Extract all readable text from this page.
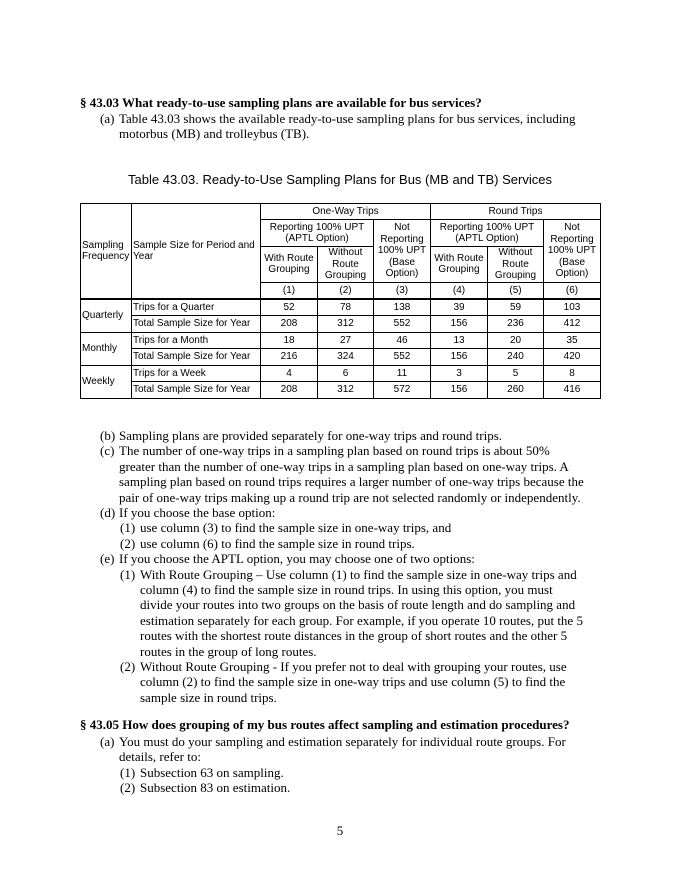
§ 43.03 What ready-to-use sampling plans are available for bus services?
(a) Table 43.03 shows the available ready-to-use sampling plans for bus services, including
motorbus (MB) and trolleybus (TB).
Table 43.03. Ready-to-Use Sampling Plans for Bus (MB and TB) Services
Sampling Frequency	Sample Size for Period and Year	One-Way Trips			Round Trips		
		Reporting 100% UPT (APTL Option)		Not Reporting 100% UPT (Base Option)	Reporting 100% UPT (APTL Option)		Not Reporting 100% UPT (Base Option)
		With Route Grouping	Without Route Grouping		With Route Grouping	Without Route Grouping	
		(1)	(2)	(3)	(4)	(5)	(6)
Quarterly	Trips for a Quarter	52	78	138	39	59	103
	Total Sample Size for Year	208	312	552	156	236	412
Monthly	Trips for a Month	18	27	46	13	20	35
	Total Sample Size for Year	216	324	552	156	240	420
Weekly	Trips for a Week	4	6	11	3	5	8
	Total Sample Size for Year	208	312	572	156	260	416
(b) Sampling plans are provided separately for one-way trips and round trips.
(c) The number of one-way trips in a sampling plan based on round trips is about 50%
greater than the number of one-way trips in a sampling plan based on one-way trips. A
sampling plan based on round trips requires a larger number of one-way trips because the
pair of one-way trips making up a round trip are not selected randomly or independently.
(d) If you choose the base option:
(1) use column (3) to find the sample size in one-way trips, and
(2) use column (6) to find the sample size in round trips.
(e) If you choose the APTL option, you may choose one of two options:
(1) With Route Grouping – Use column (1) to find the sample size in one-way trips and
column (4) to find the sample size in round trips. In using this option, you must
divide your routes into two groups on the basis of route length and do sampling and
estimation separately for each group. For example, if you operate 10 routes, put the 5
routes with the shortest route distances in the group of short routes and the other 5
routes in the group of long routes.
(2) Without Route Grouping - If you prefer not to deal with grouping your routes, use
column (2) to find the sample size in one-way trips and use column (5) to find the
sample size in round trips.
§ 43.05 How does grouping of my bus routes affect sampling and estimation procedures?
(a) You must do your sampling and estimation separately for individual route groups. For
details, refer to:
(1) Subsection 63 on sampling.
(2) Subsection 83 on estimation.
5
